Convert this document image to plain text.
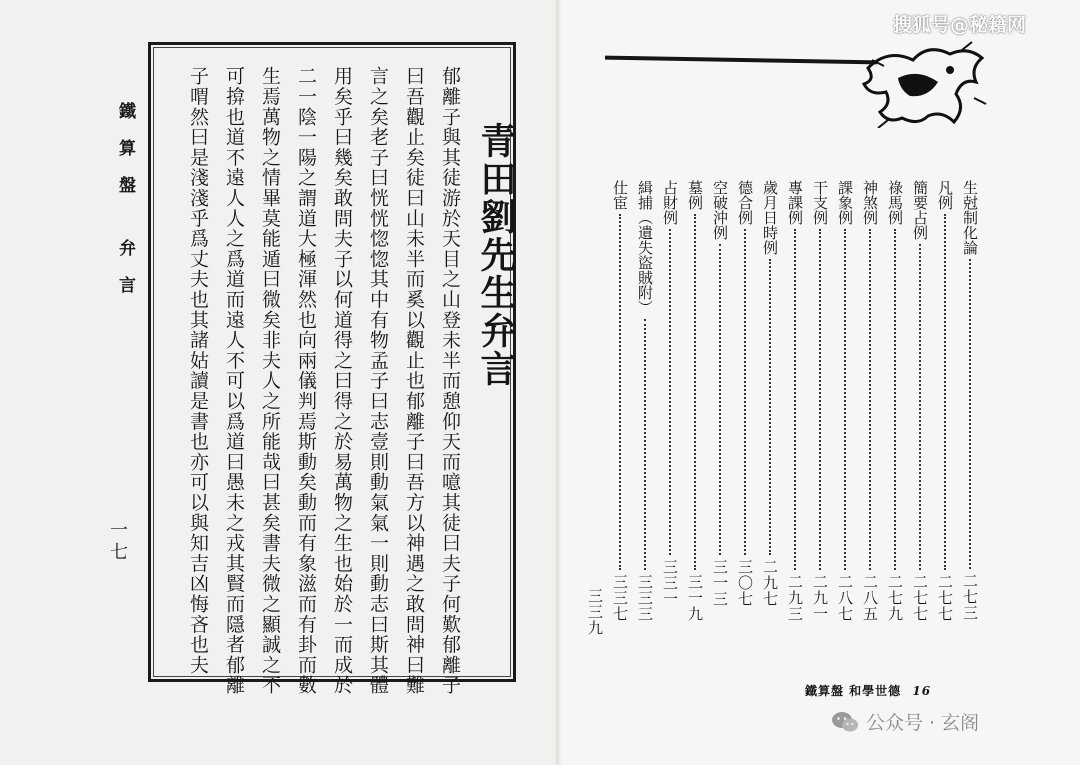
鐵算盤 弁言
一七
青田劉先生弁言
郁離子與其徒游於天目之山登未半而憩仰天而噫其徒曰夫子何歎郁離子
曰吾觀止矣徒曰山未半而奚以觀止也郁離子曰吾方以神遇之敢問神曰難
言之矣老子曰恍恍惚惚其中有物孟子曰志壹則動氣氣一則動志曰斯其體
用矣乎曰幾矣敢問夫子以何道得之曰得之於易萬物之生也始於一而成於
二一陰一陽之謂道大極渾然也向兩儀判焉斯動矣動而有象滋而有卦而數
生焉萬物之情畢莫能遁曰微矣非夫人之所能哉曰甚矣書夫微之顯誠之不
可揜也道不遠人人之爲道而遠人不可以爲道曰愚未之戎其賢而隱者郁離
子喟然曰是淺淺乎爲丈夫也其諸姑讀是書也亦可以與知吉凶悔吝也夫	生尅制化論
二七三
凡例
二七七
簡要占例
二七七
祿馬例
二七九
神煞例
二八五
課象例
二八七
干支例
二九一
專課例
二九三
歲月日時例
二九七
德合例
三〇七
空破沖例
三一三
墓例
三一九
占財例
三三一
緝捕（遺失盜賊附）
三三三
仕宦
三三七
三三九
鐵算盤 和學世德 16
搜狐号@秘籍网
公众号 · 玄阁
